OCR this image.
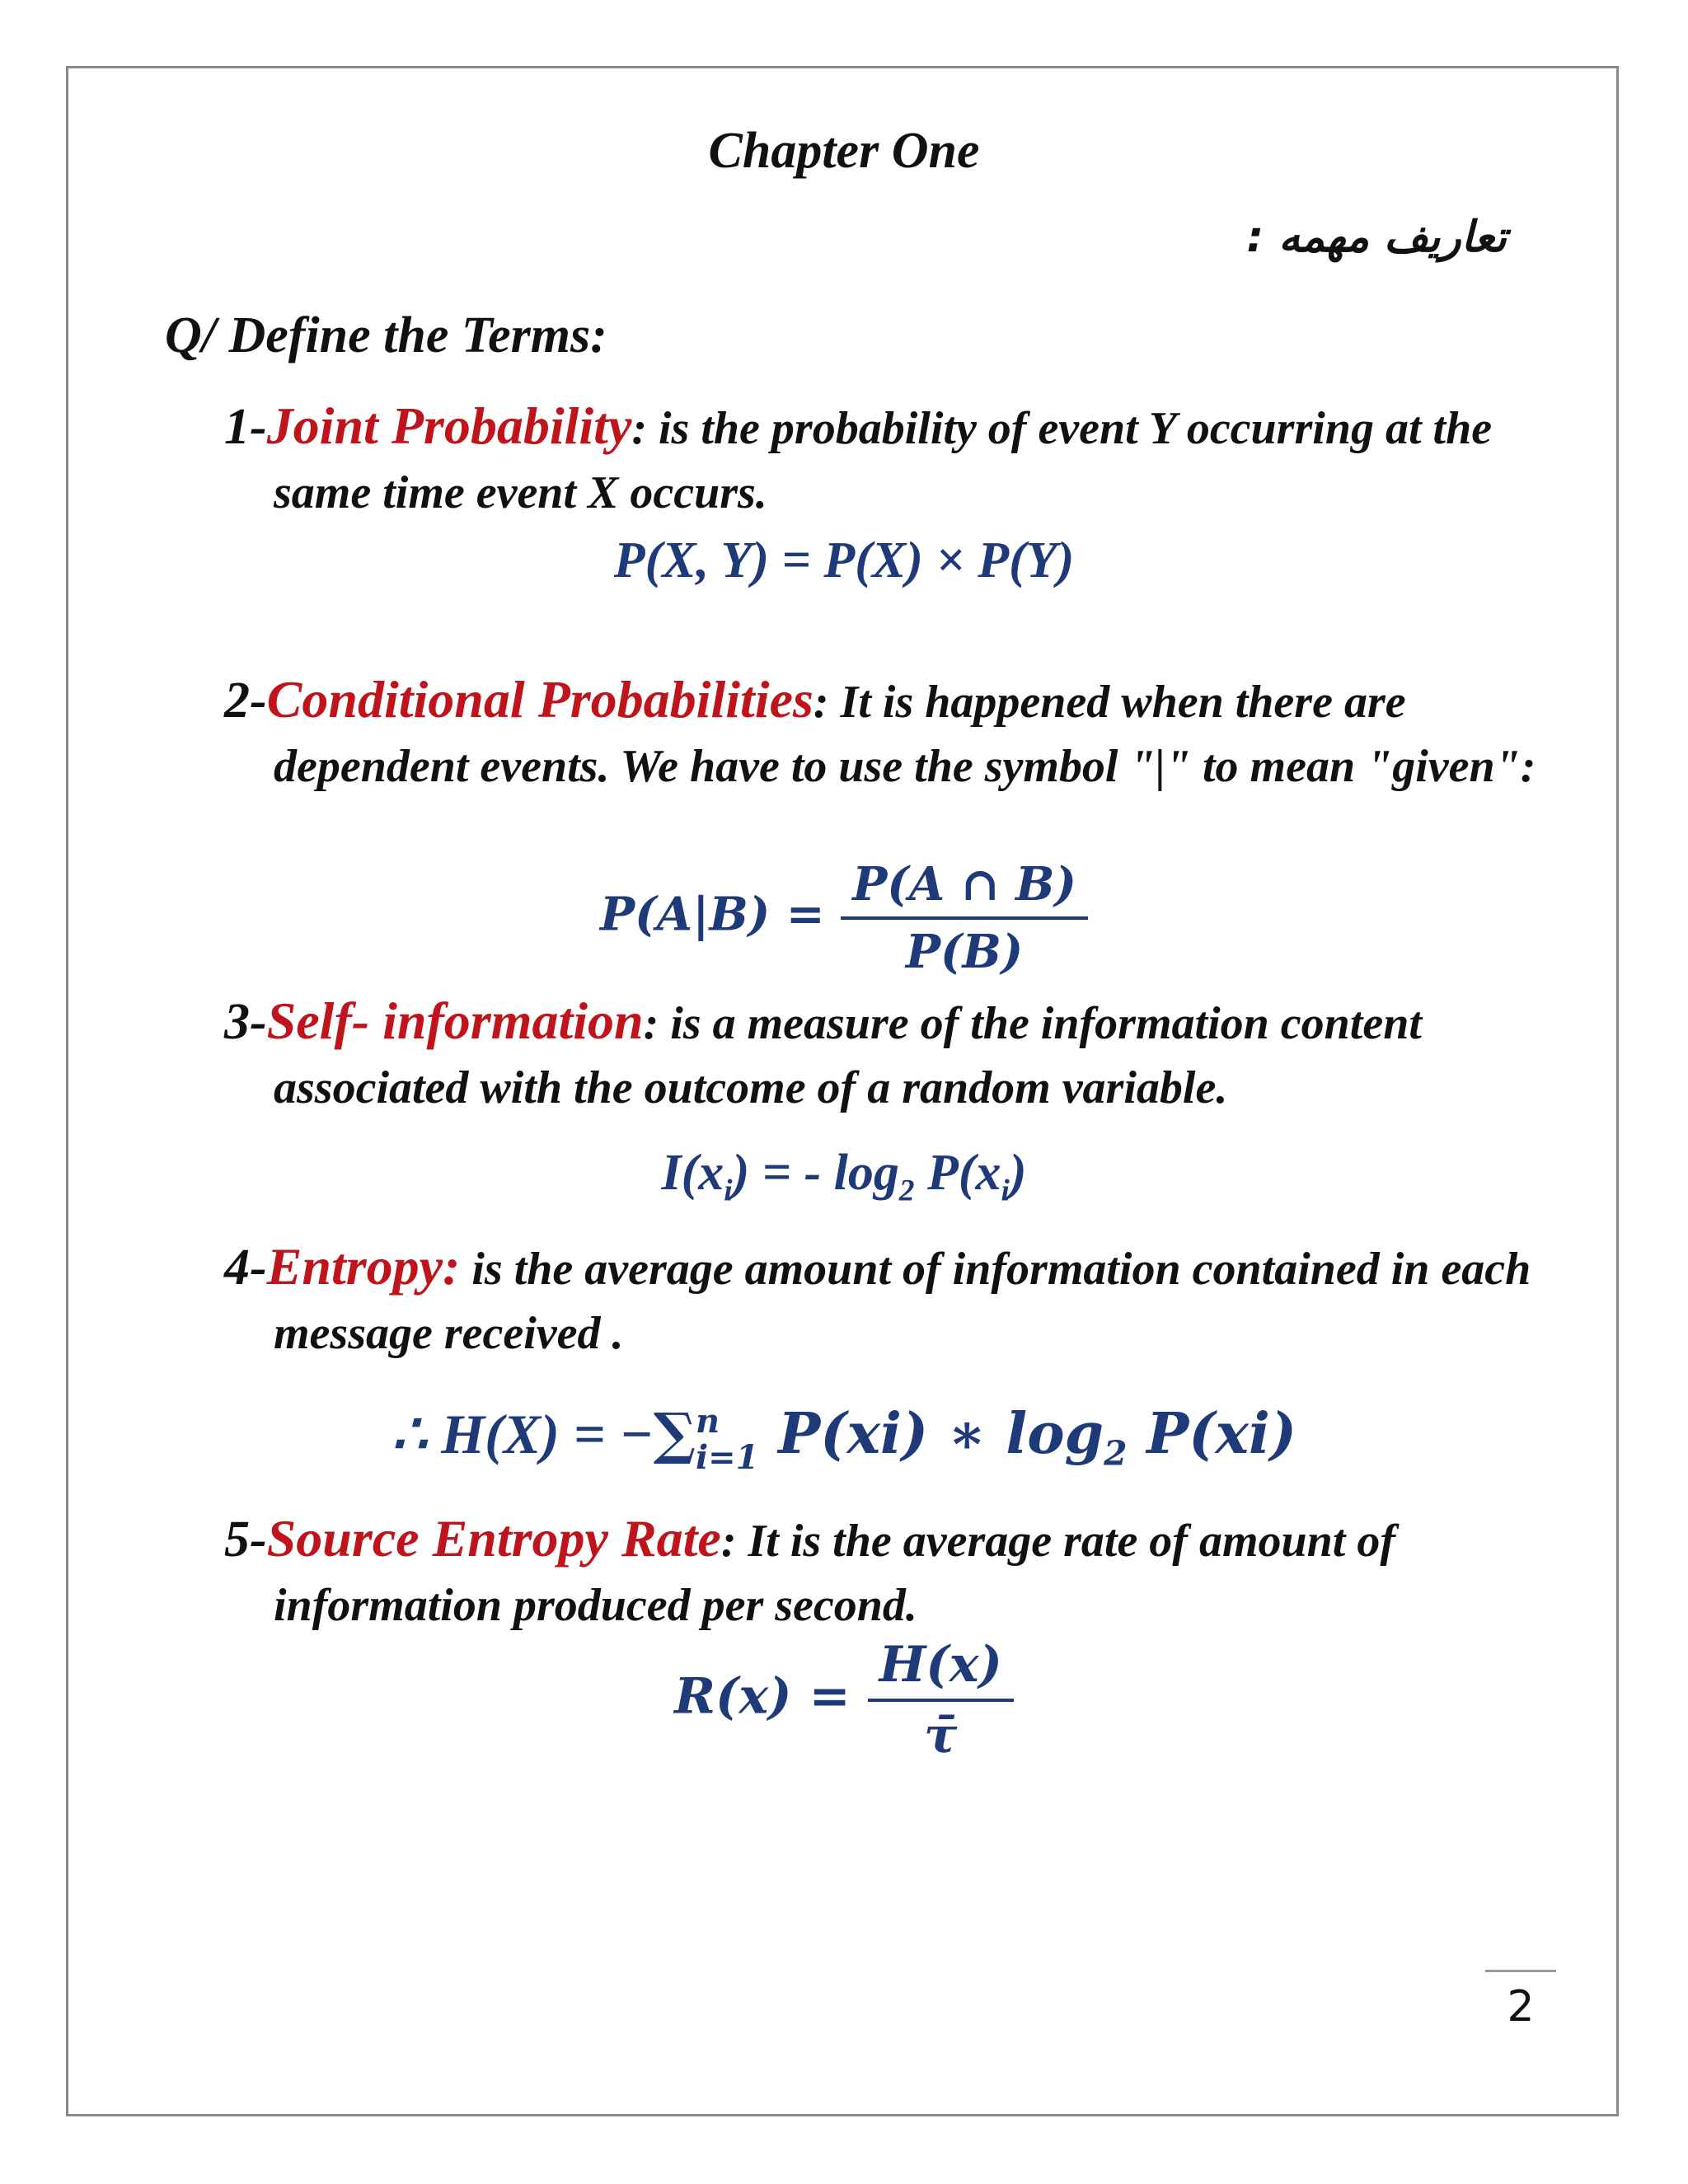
Chapter One
تعاريف مهمه :
Q/ Define the Terms:
1-Joint Probability: is the probability of event Y occurring at the same time event X occurs.
P(X, Y) = P(X) × P(Y)
2-Conditional Probabilities: It is happened when there are dependent events. We have to use the symbol "|" to mean "given":
$P(A|B) = \frac{P(A \cap B)}{P(B)}$
3-Self- information: is a measure of the information content associated with the outcome of a random variable.
$I(x_i)$ = - $\log_2 P(x_i)$
4-Entropy: is the average amount of information contained in each message received .
∴ H(X) = −∑ n
i=1 P(xi) ∗ $\log_2 P(xi)$
5-Source Entropy Rate: It is the average rate of amount of information produced per second.
$R(x) = \frac{H(x)}{\taū}$
2
